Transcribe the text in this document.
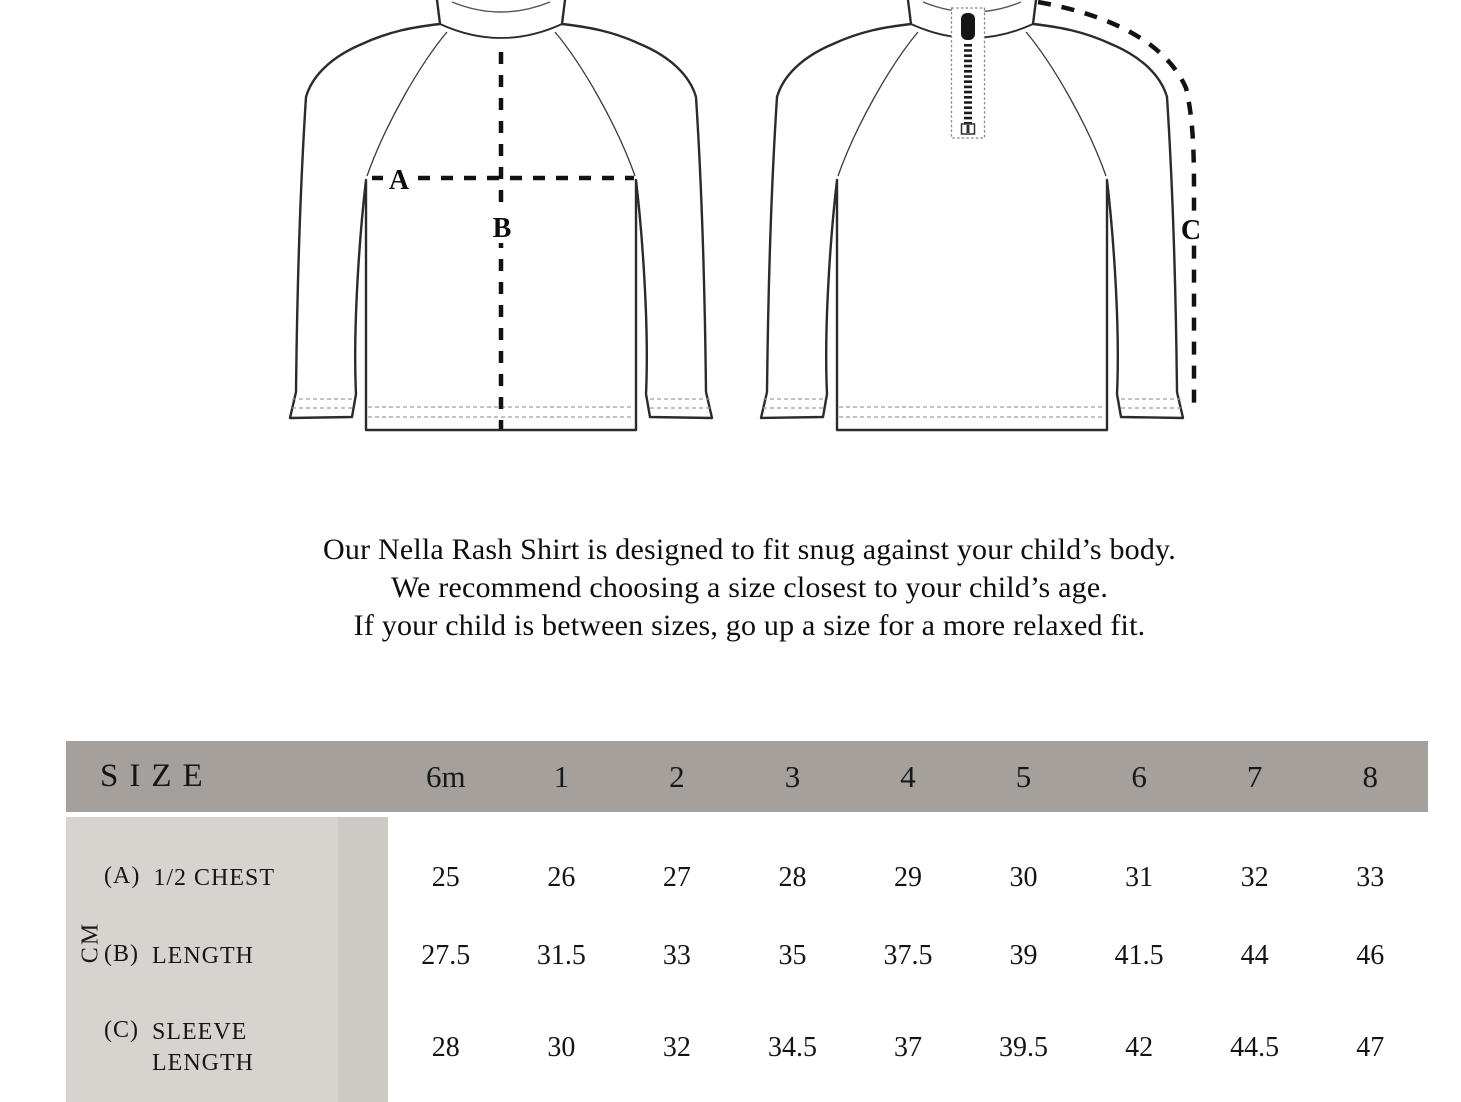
A
B	C
Our Nella Rash Shirt is designed to fit snug against your child’s body.
We recommend choosing a size closest to your child’s age.
If your child is between sizes, go up a size for a more relaxed fit.
SIZE	6m	1	2	3	4	5	6	7	8
CM
(A) 1/2 CHEST	25	26	27	28	29	30	31	32	33
(B) LENGTH	27.5	31.5	33	35	37.5	39	41.5	44	46
(C) SLEEVE
LENGTH	28	30	32	34.5	37	39.5	42	44.5	47
